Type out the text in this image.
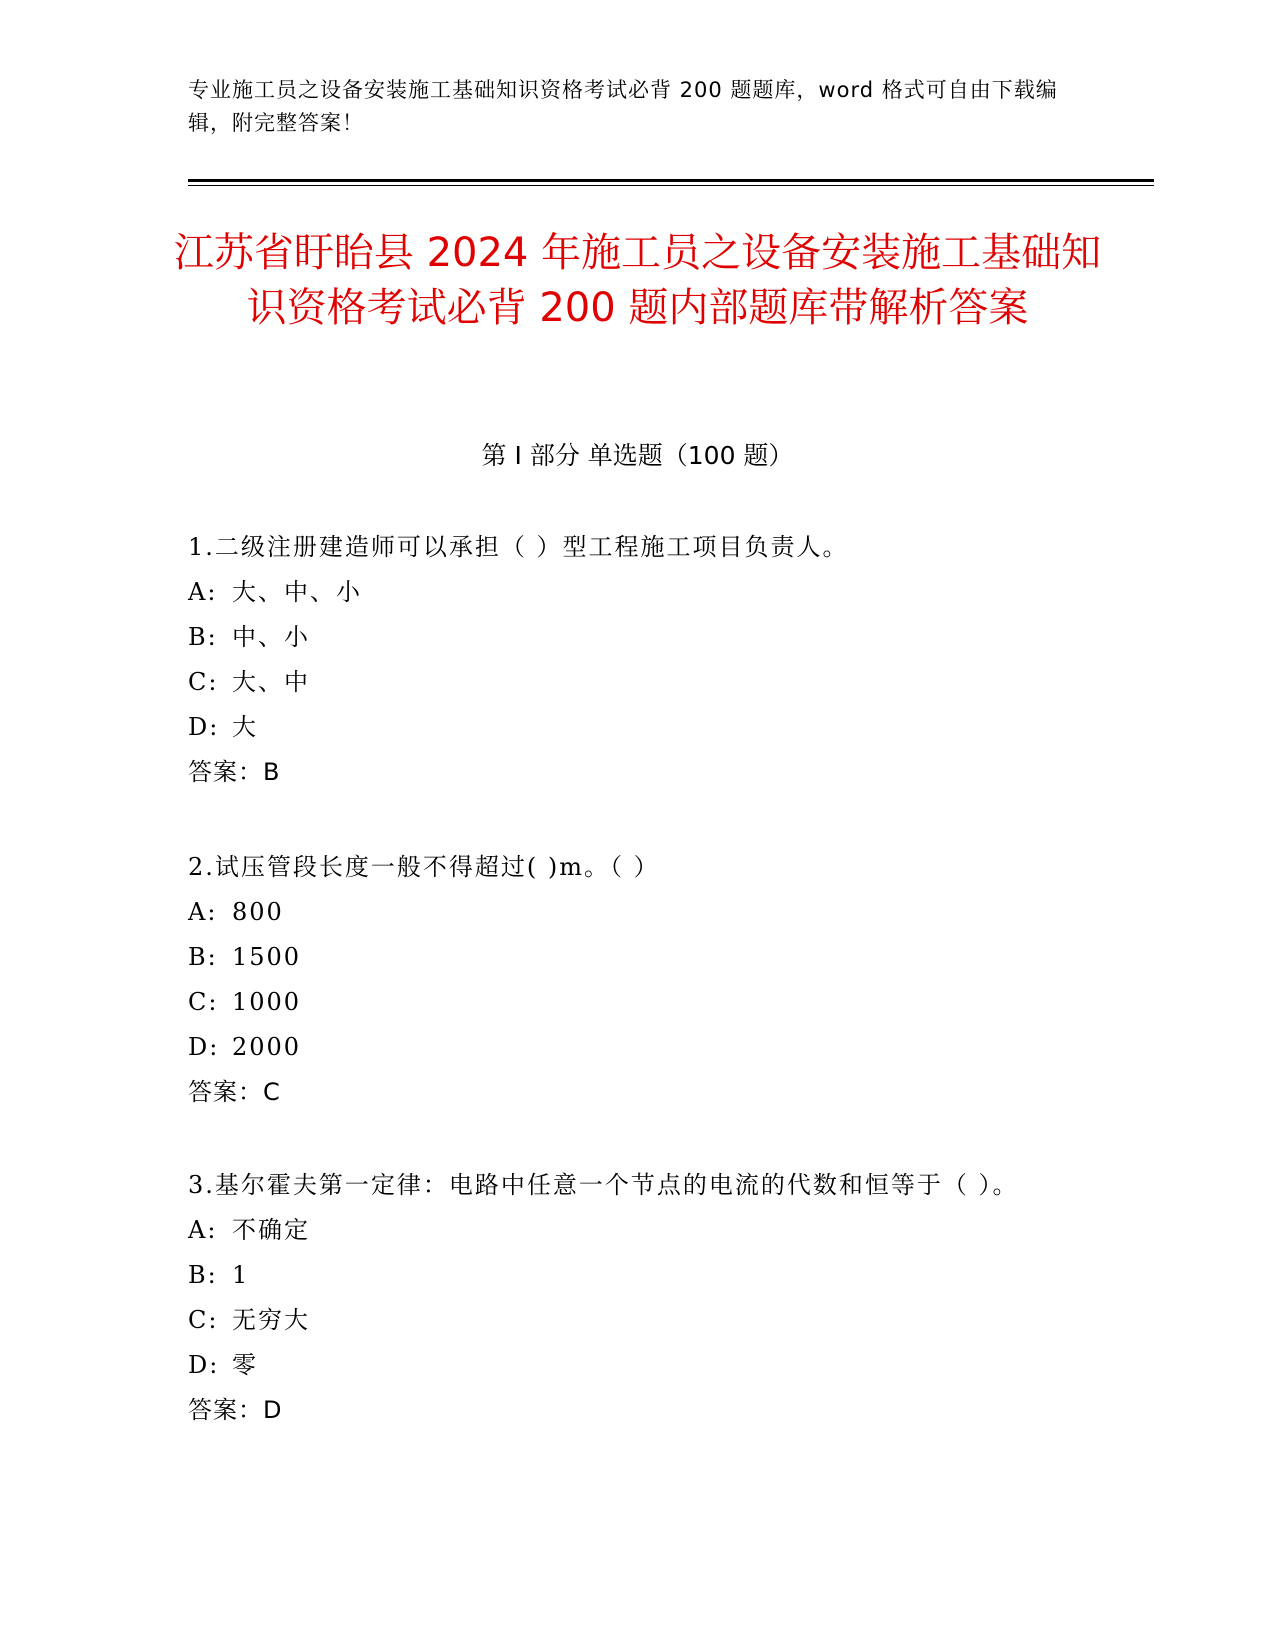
专业施工员之设备安装施工基础知识资格考试必背 200 题题库，word 格式可自由下载编辑，附完整答案！
江苏省盱眙县 2024 年施工员之设备安装施工基础知识资格考试必背 200 题内部题库带解析答案
第 I 部分 单选题（100 题）
1.二级注册建造师可以承担（ ）型工程施工项目负责人。
A: 大、中、小
B: 中、小
C: 大、中
D: 大
答案：B
2.试压管段长度一般不得超过( )m。（ ）
A: 800
B: 1500
C: 1000
D: 2000
答案：C
3.基尔霍夫第一定律：电路中任意一个节点的电流的代数和恒等于（ ）。
A: 不确定
B: 1
C: 无穷大
D: 零
答案：D
